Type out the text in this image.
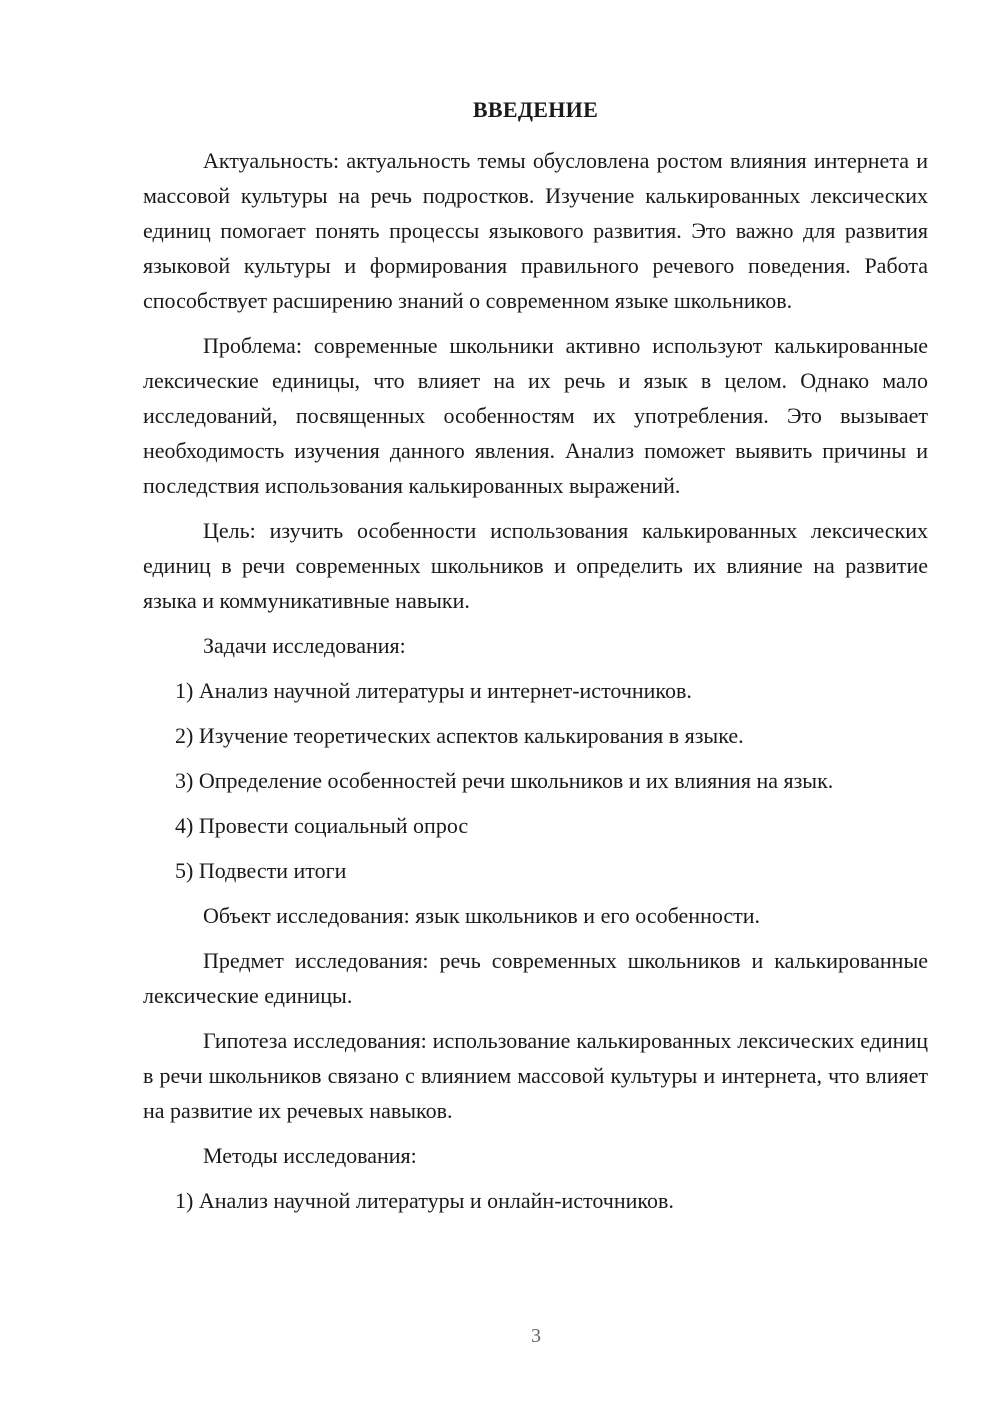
ВВЕДЕНИЕ

Актуальность: актуальность темы обусловлена ростом влияния интернета и массовой культуры на речь подростков. Изучение калькированных лексических единиц помогает понять процессы языкового развития. Это важно для развития языковой культуры и формирования правильного речевого поведения. Работа способствует расширению знаний о современном языке школьников.

Проблема: современные школьники активно используют калькированные лексические единицы, что влияет на их речь и язык в целом. Однако мало исследований, посвященных особенностям их употребления. Это вызывает необходимость изучения данного явления. Анализ поможет выявить причины и последствия использования калькированных выражений.

Цель: изучить особенности использования калькированных лексических единиц в речи современных школьников и определить их влияние на развитие языка и коммуникативные навыки.

Задачи исследования:

1) Анализ научной литературы и интернет-источников.

2) Изучение теоретических аспектов калькирования в языке.

3) Определение особенностей речи школьников и их влияния на язык.

4) Провести социальный опрос

5) Подвести итоги

Объект исследования: язык школьников и его особенности.

Предмет исследования: речь современных школьников и калькированные лексические единицы.

Гипотеза исследования: использование калькированных лексических единиц в речи школьников связано с влиянием массовой культуры и интернета, что влияет на развитие их речевых навыков.

Методы исследования:

1) Анализ научной литературы и онлайн-источников.

3
